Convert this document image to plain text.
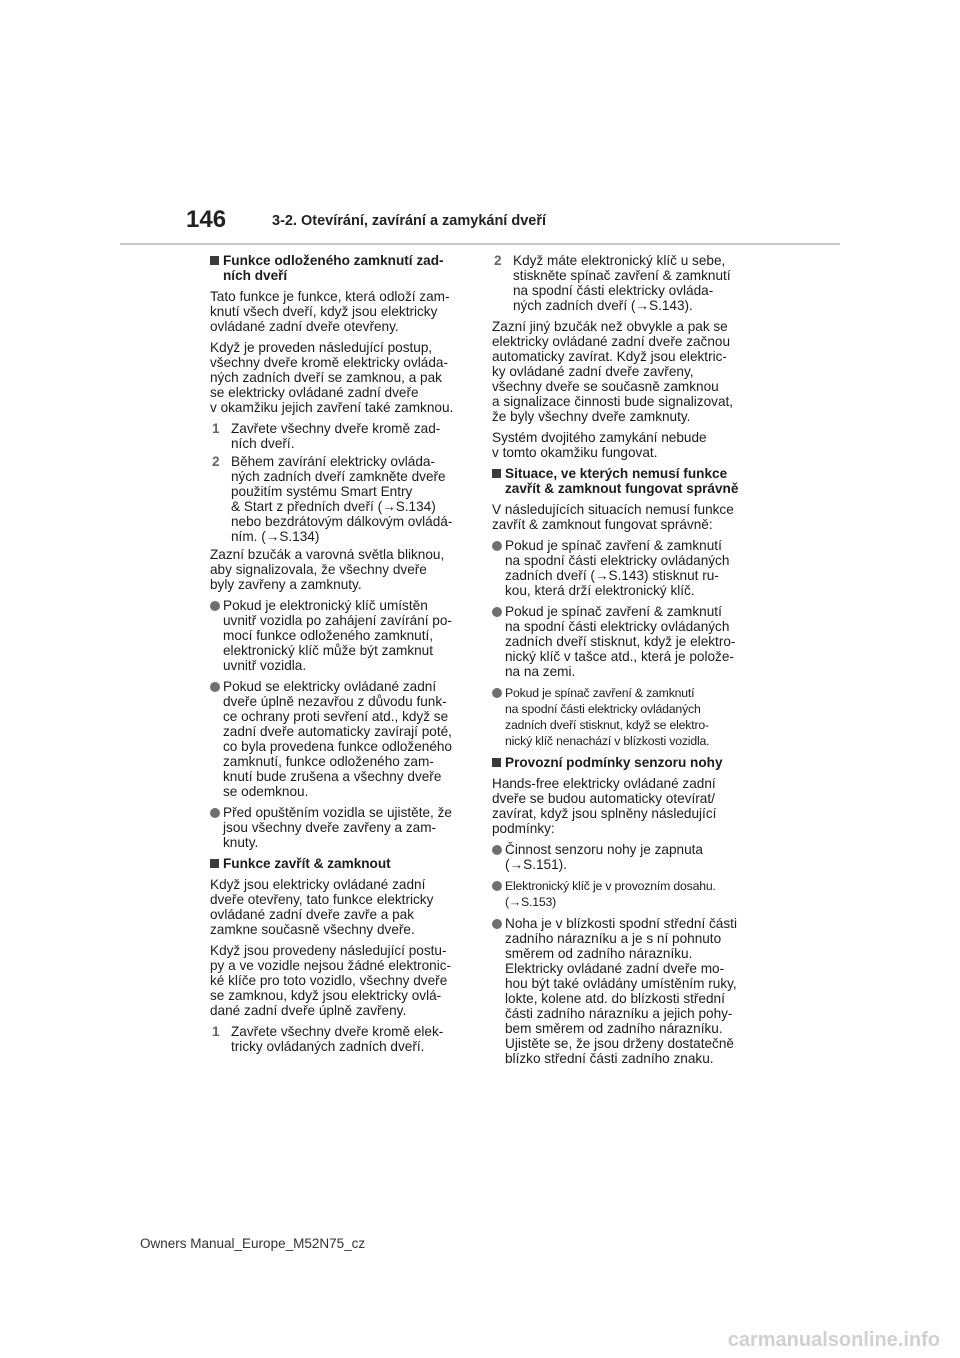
146	3-2. Otevírání, zavírání a zamykání dveří
Funkce odloženého zamknutí zad-
ních dveří
Tato funkce je funkce, která odloží zam-
knutí všech dveří, když jsou elektricky
ovládané zadní dveře otevřeny.
Když je proveden následující postup,
všechny dveře kromě elektricky ovláda-
ných zadních dveří se zamknou, a pak
se elektricky ovládané zadní dveře
v okamžiku jejich zavření také zamknou.
1 Zavřete všechny dveře kromě zad-
ních dveří.
2 Během zavírání elektricky ovláda-
ných zadních dveří zamkněte dveře
použitím systému Smart Entry
& Start z předních dveří (→S.134)
nebo bezdrátovým dálkovým ovládá-
ním. (→S.134)
Zazní bzučák a varovná světla bliknou,
aby signalizovala, že všechny dveře
byly zavřeny a zamknuty.
Pokud je elektronický klíč umístěn
uvnitř vozidla po zahájení zavírání po-
mocí funkce odloženého zamknutí,
elektronický klíč může být zamknut
uvnitř vozidla.
Pokud se elektricky ovládané zadní
dveře úplně nezavřou z důvodu funk-
ce ochrany proti sevření atd., když se
zadní dveře automaticky zavírají poté,
co byla provedena funkce odloženého
zamknutí, funkce odloženého zam-
knutí bude zrušena a všechny dveře
se odemknou.
Před opuštěním vozidla se ujistěte, že
jsou všechny dveře zavřeny a zam-
knuty.
Funkce zavřít & zamknout
Když jsou elektricky ovládané zadní
dveře otevřeny, tato funkce elektricky
ovládané zadní dveře zavře a pak
zamkne současně všechny dveře.
Když jsou provedeny následující postu-
py a ve vozidle nejsou žádné elektronic-
ké klíče pro toto vozidlo, všechny dveře
se zamknou, když jsou elektricky ovlá-
dané zadní dveře úplně zavřeny.
1 Zavřete všechny dveře kromě elek-
tricky ovládaných zadních dveří.
2 Když máte elektronický klíč u sebe,
stiskněte spínač zavření & zamknutí
na spodní části elektricky ovláda-
ných zadních dveří (→S.143).
Zazní jiný bzučák než obvykle a pak se
elektricky ovládané zadní dveře začnou
automaticky zavírat. Když jsou elektric-
ky ovládané zadní dveře zavřeny,
všechny dveře se současně zamknou
a signalizace činnosti bude signalizovat,
že byly všechny dveře zamknuty.
Systém dvojitého zamykání nebude
v tomto okamžiku fungovat.
Situace, ve kterých nemusí funkce
zavřít & zamknout fungovat správně
V následujících situacích nemusí funkce
zavřít & zamknout fungovat správně:
Pokud je spínač zavření & zamknutí
na spodní části elektricky ovládaných
zadních dveří (→S.143) stisknut ru-
kou, která drží elektronický klíč.
Pokud je spínač zavření & zamknutí
na spodní části elektricky ovládaných
zadních dveří stisknut, když je elektro-
nický klíč v tašce atd., která je polože-
na na zemi.
Pokud je spínač zavření & zamknutí
na spodní části elektricky ovládaných
zadních dveří stisknut, když se elektro-
nický klíč nenachází v blízkosti vozidla.
Provozní podmínky senzoru nohy
Hands-free elektricky ovládané zadní
dveře se budou automaticky otevírat/
zavírat, když jsou splněny následující
podmínky:
Činnost senzoru nohy je zapnuta
(→S.151).
Elektronický klíč je v provozním dosahu.
(→S.153)
Noha je v blízkosti spodní střední části
zadního nárazníku a je s ní pohnuto
směrem od zadního nárazníku.
Elektricky ovládané zadní dveře mo-
hou být také ovládány umístěním ruky,
lokte, kolene atd. do blízkosti střední
části zadního nárazníku a jejich pohy-
bem směrem od zadního nárazníku.
Ujistěte se, že jsou drženy dostatečně
blízko střední části zadního znaku.
Owners Manual_Europe_M52N75_cz
carmanualsonline.info
